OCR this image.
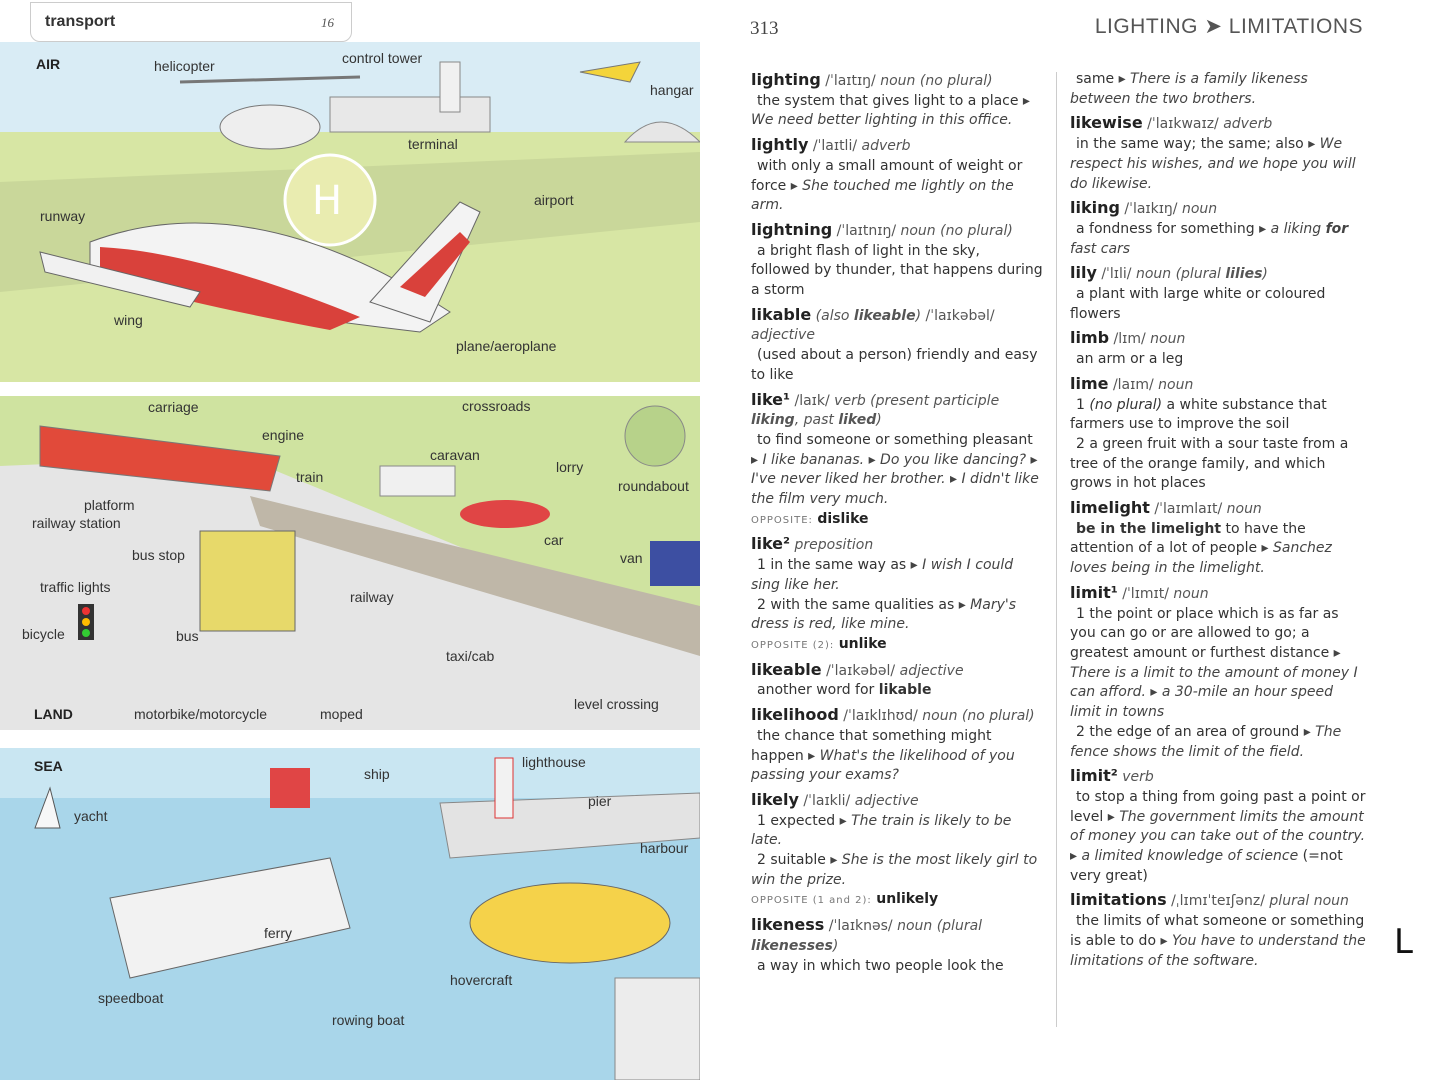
transport	16
H
AIR	helicopter	control tower
hangar
terminal
airport
runway
wing
plane/aeroplane
carriage	crossroads
engine
caravan
lorry
roundabout
train
platform
railway station
car
bus stop	van
traffic lights
railway
bicycle	bus
taxi/cab
level crossing
motorbike/motorcycle	moped
LAND
SEA	ship
lighthouse
yacht
pier
harbour
ferry
hovercraft
speedboat
rowing boat
313	LIGHTING ➤ LIMITATIONS
lighting /ˈlaɪtɪŋ/ noun (no plural)
the system that gives light to a place ▸ We need better lighting in this office.
lightly /ˈlaɪtli/ adverb
with only a small amount of weight or force ▸ She touched me lightly on the arm.
lightning /ˈlaɪtnɪŋ/ noun (no plural)
a bright flash of light in the sky, followed by thunder, that happens during a storm
likable (also likeable) /ˈlaɪkəbəl/ adjective
(used about a person) friendly and easy to like
like¹ /laɪk/ verb (present participle liking, past liked)
to find someone or something pleasant ▸ I like bananas. ▸ Do you like dancing? ▸ I've never liked her brother. ▸ I didn't like the film very much.
OPPOSITE: dislike
like² preposition
1 in the same way as ▸ I wish I could sing like her.
2 with the same qualities as ▸ Mary's dress is red, like mine.
OPPOSITE (2): unlike
likeable /ˈlaɪkəbəl/ adjective
another word for likable
likelihood /ˈlaɪklɪhʊd/ noun (no plural)
the chance that something might happen ▸ What's the likelihood of you passing your exams?
likely /ˈlaɪkli/ adjective
1 expected ▸ The train is likely to be late.
2 suitable ▸ She is the most likely girl to win the prize.
OPPOSITE (1 and 2): unlikely
likeness /ˈlaɪknəs/ noun (plural likenesses)
a way in which two people look the
same ▸ There is a family likeness between the two brothers.
likewise /ˈlaɪkwaɪz/ adverb
in the same way; the same; also ▸ We respect his wishes, and we hope you will do likewise.
liking /ˈlaɪkɪŋ/ noun
a fondness for something ▸ a liking for fast cars
lily /ˈlɪli/ noun (plural lilies)
a plant with large white or coloured flowers
limb /lɪm/ noun
an arm or a leg
lime /laɪm/ noun
1 (no plural) a white substance that farmers use to improve the soil
2 a green fruit with a sour taste from a tree of the orange family, and which grows in hot places
limelight /ˈlaɪmlaɪt/ noun
be in the limelight to have the attention of a lot of people ▸ Sanchez loves being in the limelight.
limit¹ /ˈlɪmɪt/ noun
1 the point or place which is as far as you can go or are allowed to go; a greatest amount or furthest distance ▸ There is a limit to the amount of money I can afford. ▸ a 30-mile an hour speed limit in towns
2 the edge of an area of ground ▸ The fence shows the limit of the field.
limit² verb
to stop a thing from going past a point or level ▸ The government limits the amount of money you can take out of the country. ▸ a limited knowledge of science (=not very great)
limitations /ˌlɪmɪˈteɪʃənz/ plural noun
the limits of what someone or something is able to do ▸ You have to understand the limitations of the software.	L
